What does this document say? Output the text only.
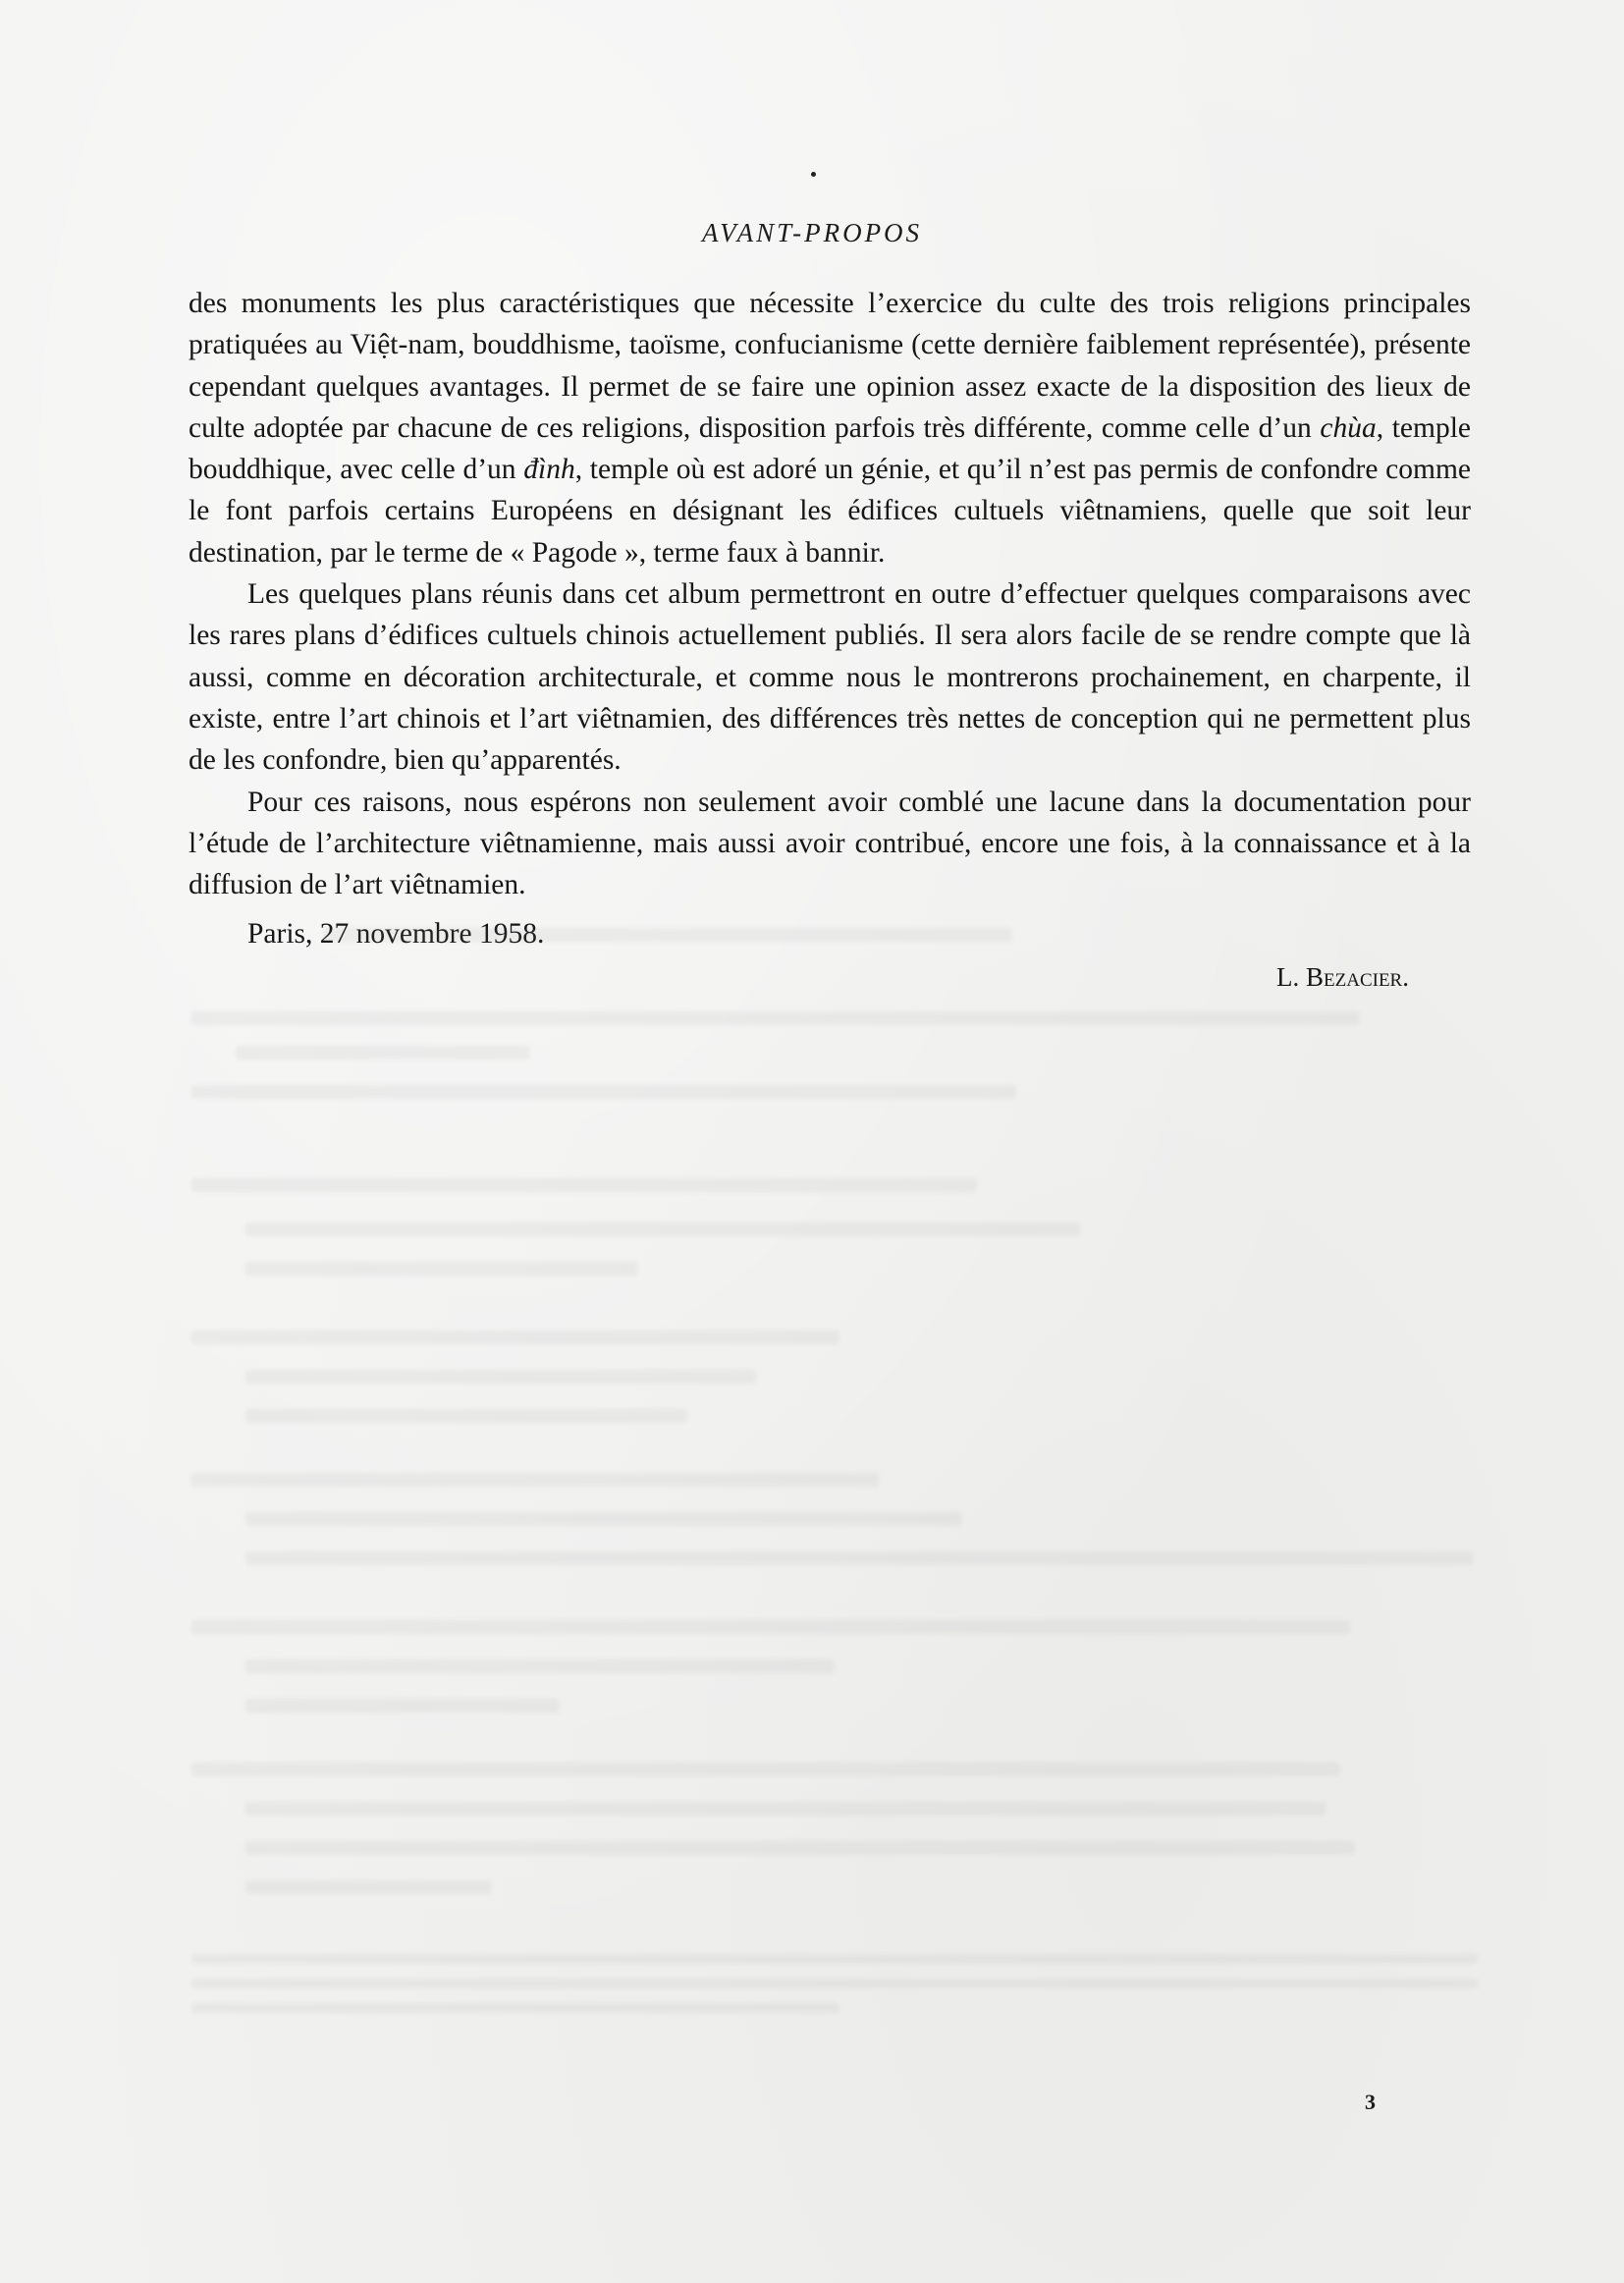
AVANT-PROPOS

des monuments les plus caractéristiques que nécessite l’exercice du culte des trois religions principales pratiquées au Việt-nam, bouddhisme, taoïsme, confucianisme (cette dernière faiblement représentée), présente cependant quelques avantages. Il permet de se faire une opinion assez exacte de la disposition des lieux de culte adoptée par chacune de ces religions, disposition parfois très différente, comme celle d’un chùa, temple bouddhique, avec celle d’un đình, temple où est adoré un génie, et qu’il n’est pas permis de confondre comme le font parfois certains Européens en désignant les édifices cultuels viêtnamiens, quelle que soit leur destination, par le terme de « Pagode », terme faux à bannir.

Les quelques plans réunis dans cet album permettront en outre d’effectuer quelques comparaisons avec les rares plans d’édifices cultuels chinois actuellement publiés. Il sera alors facile de se rendre compte que là aussi, comme en décoration architecturale, et comme nous le montrerons prochainement, en charpente, il existe, entre l’art chinois et l’art viêtnamien, des différences très nettes de conception qui ne permettent plus de les confondre, bien qu’apparentés.

Pour ces raisons, nous espérons non seulement avoir comblé une lacune dans la documentation pour l’étude de l’architecture viêtnamienne, mais aussi avoir contribué, encore une fois, à la connaissance et à la diffusion de l’art viêtnamien.

Paris, 27 novembre 1958.
L. Bezacier.
3
